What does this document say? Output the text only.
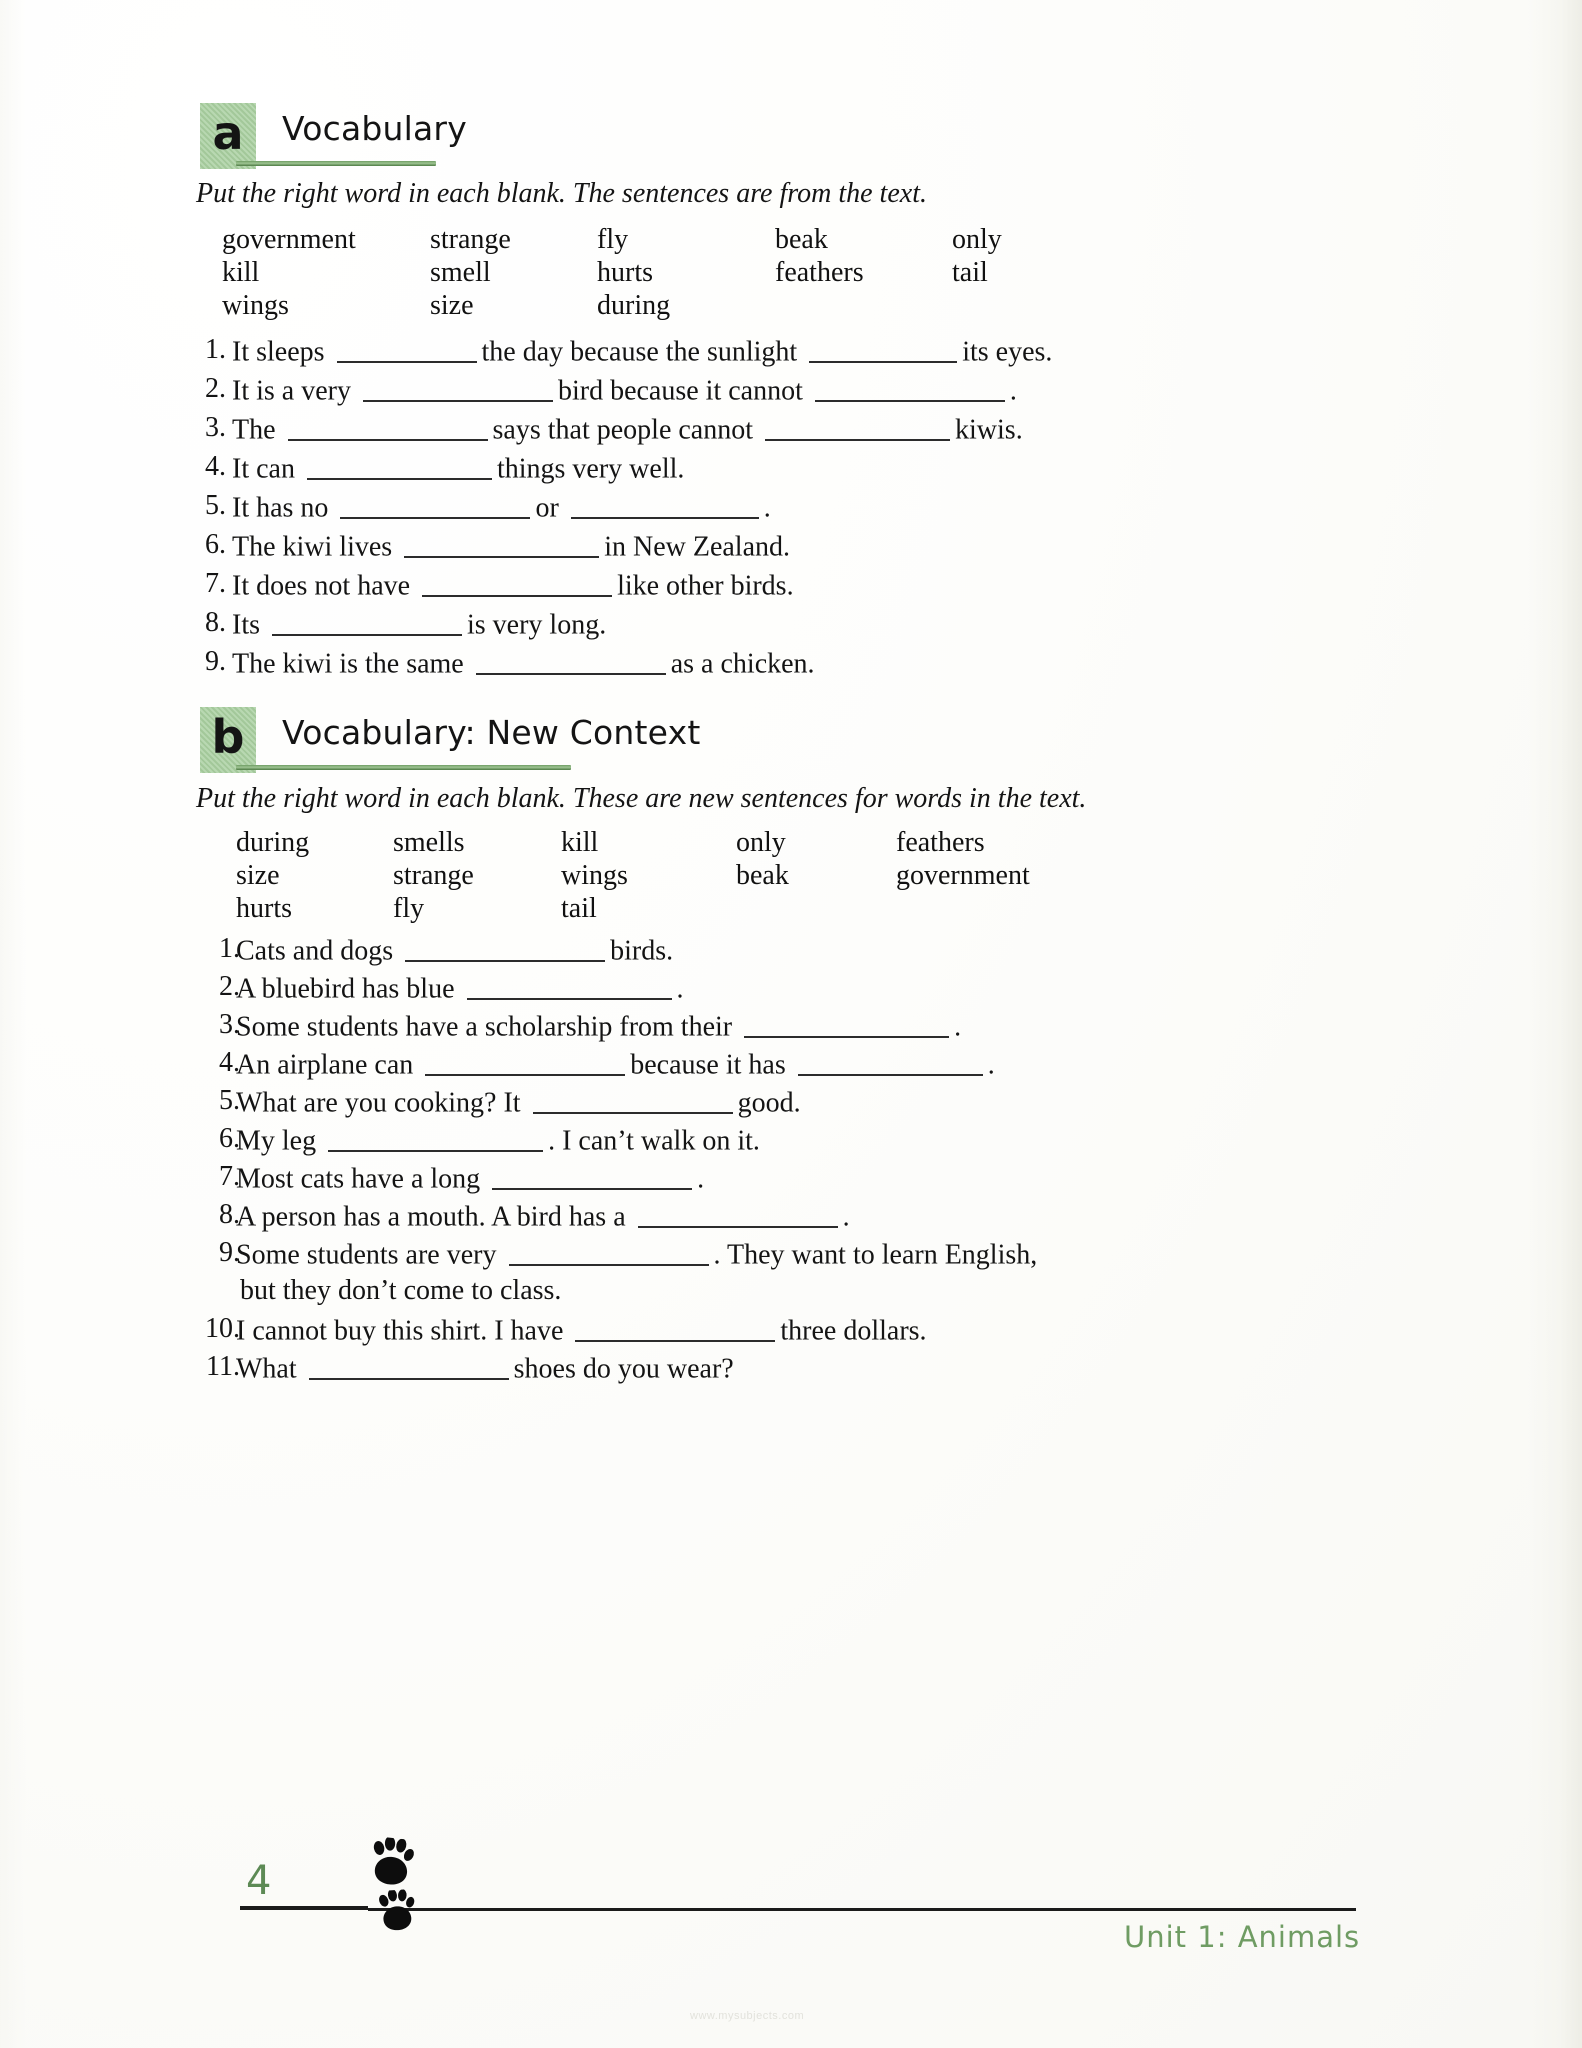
a Vocabulary
Put the right word in each blank. The sentences are from the text.
government	strange	fly	beak	only
kill	smell	hurts	feathers	tail
wings	size	during
1. It sleeps	the day because the sunlight	its eyes.
2. It is a very	bird because it cannot	.
3. The	says that people cannot	kiwis.
4. It can	things very well.
5. It has no	or	.
6. The kiwi lives	in New Zealand.
7. It does not have	like other birds.
8. Its	is very long.
9. The kiwi is the same	as a chicken.
b Vocabulary: New Context
Put the right word in each blank. These are new sentences for words in the text.
during	smells	kill	only	feathers
size	strange	wings	beak	government
hurts	fly	tail
1.
Cats and dogs	birds.
2.
A bluebird has blue	.
3.
Some students have a scholarship from their	.
4.
An airplane can	because it has	.
5.
What are you cooking? It	good.
6.
My leg	. I can’t walk on it.
7.
Most cats have a long	.
8.
A person has a mouth. A bird has a	.
9.
Some students are very	. They want to learn English,
but they don’t come to class.
10.
I cannot buy this shirt. I have	three dollars.
11.
What	shoes do you wear?
4
Unit 1: Animals
www.mysubjects.com
